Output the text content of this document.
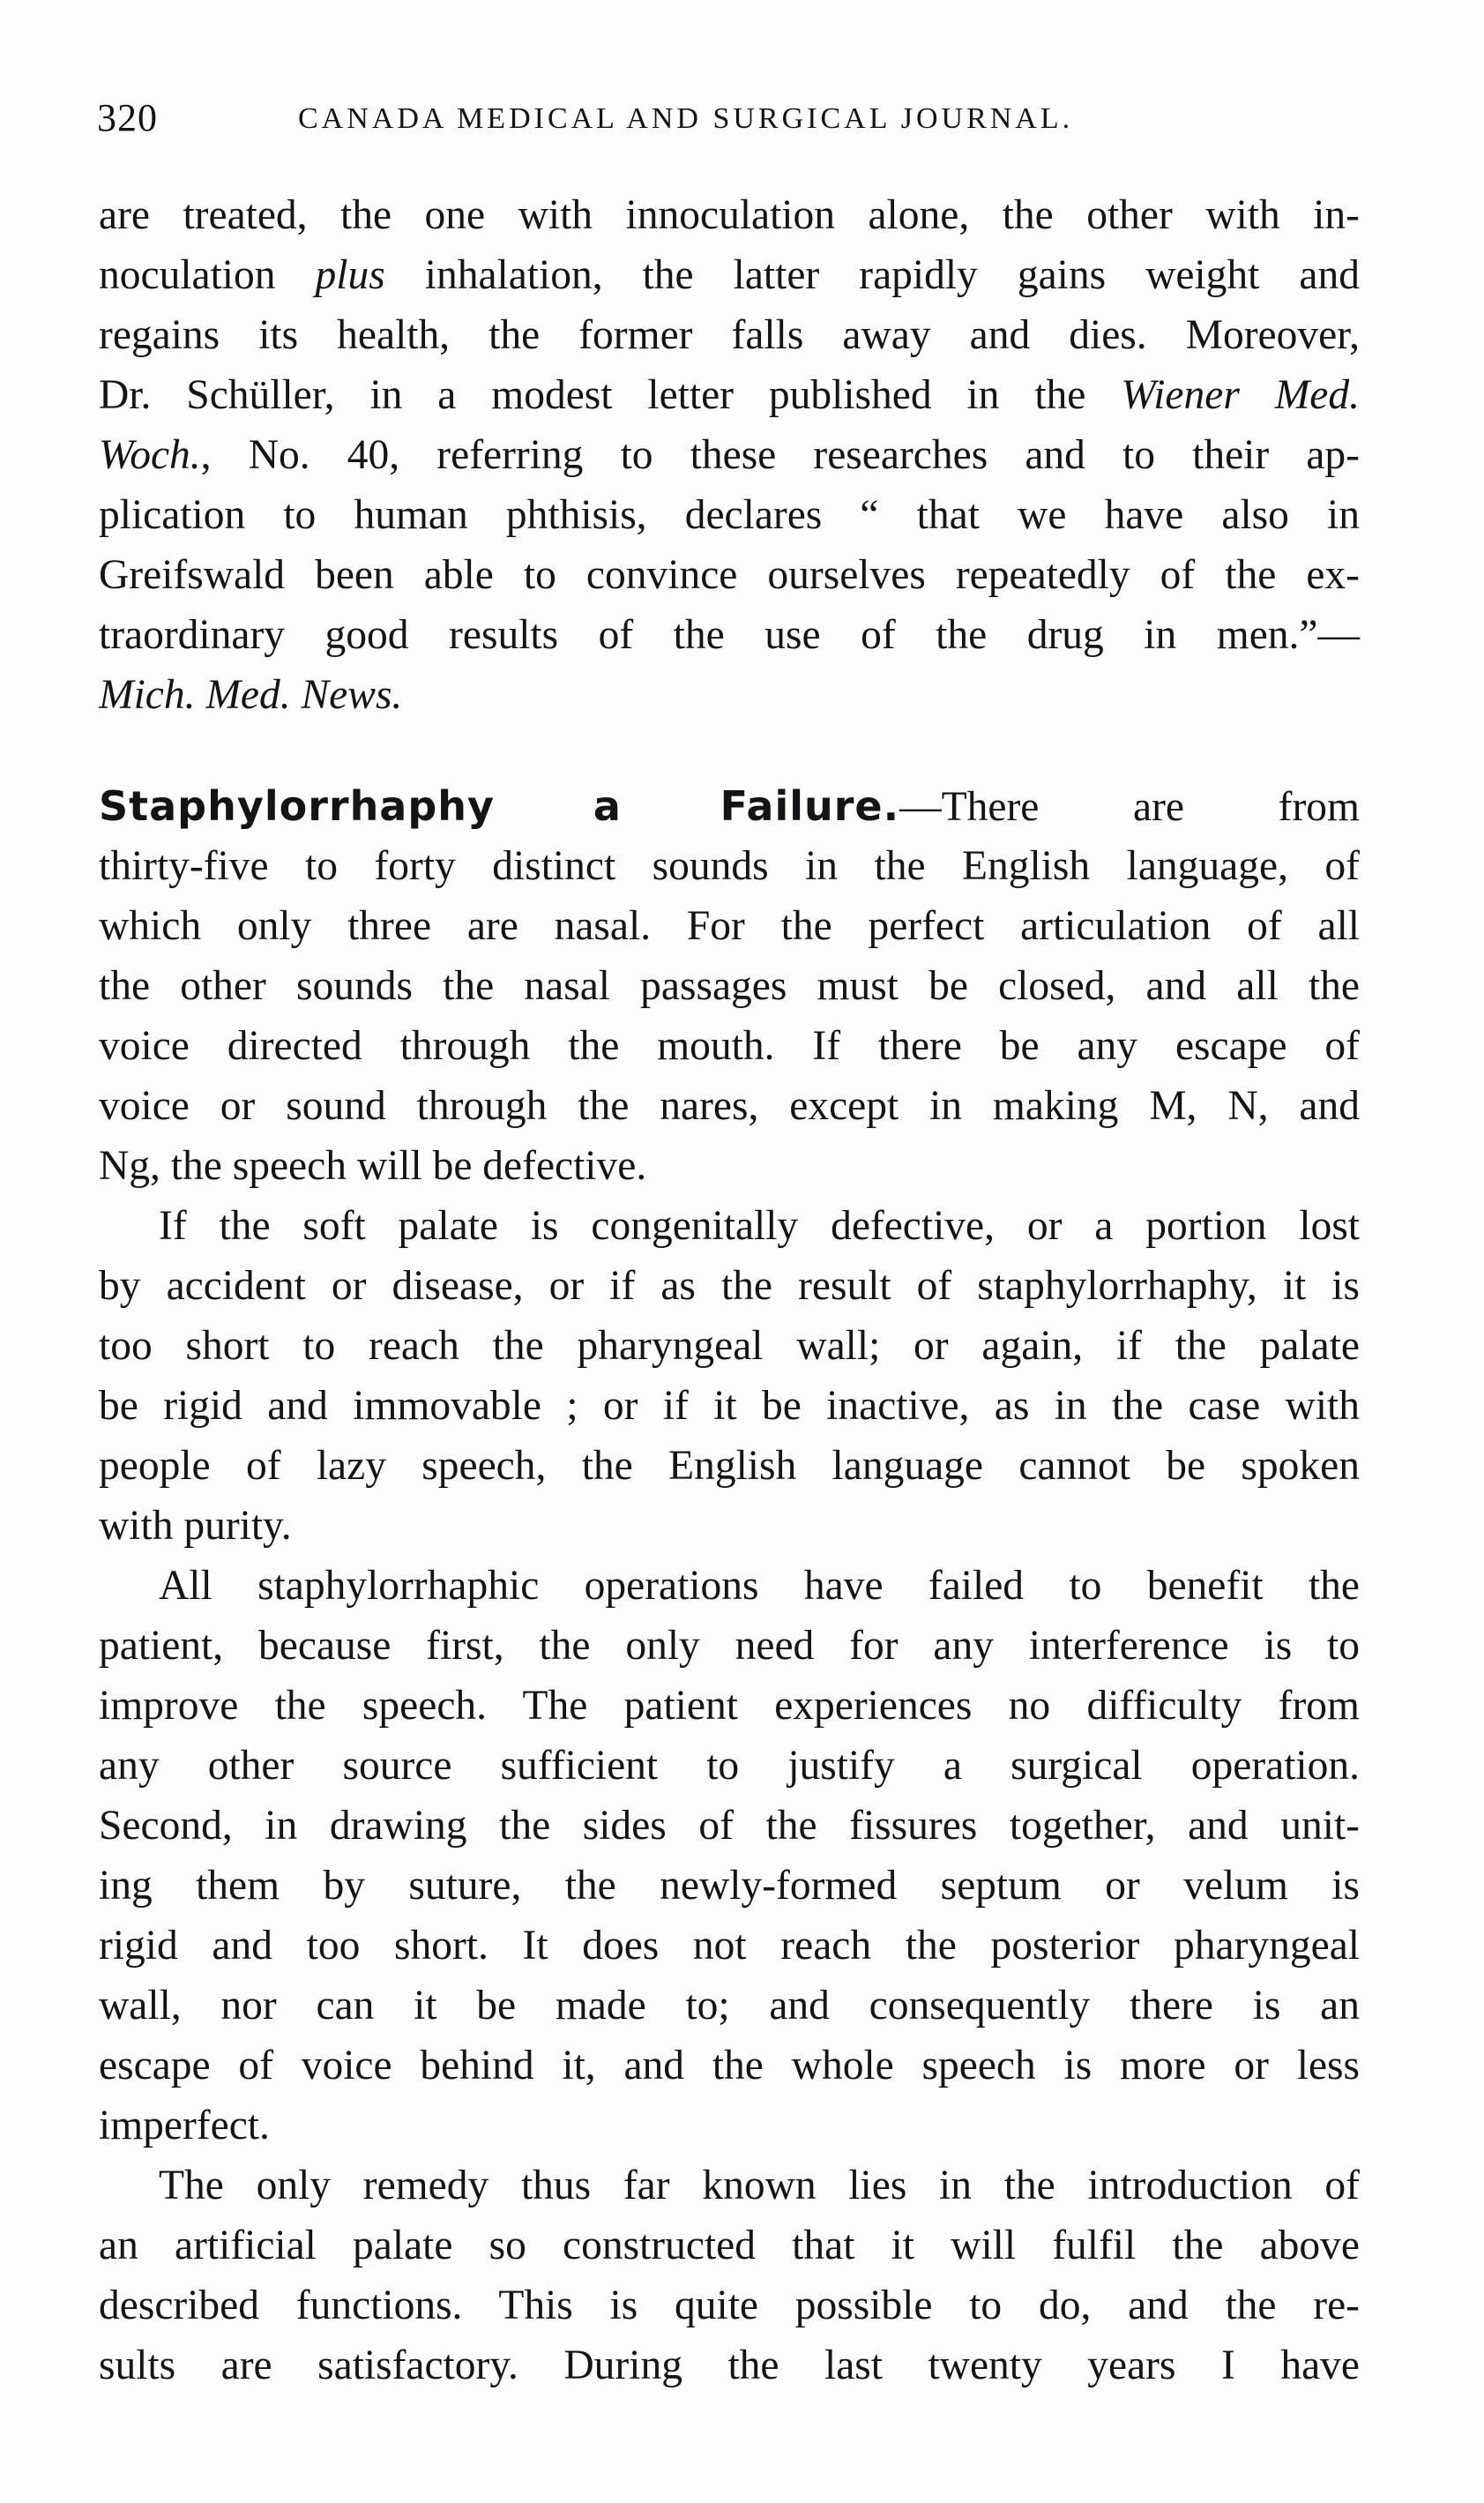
320	CANADA MEDICAL AND SURGICAL JOURNAL.
are treated, the one with innoculation alone, the other with in-
noculation plus inhalation, the latter rapidly gains weight and
regains its health, the former falls away and dies. Moreover,
Dr. Schüller, in a modest letter published in the Wiener Med.
Woch., No. 40, referring to these researches and to their ap-
plication to human phthisis, declares “ that we have also in
Greifswald been able to convince ourselves repeatedly of the ex-
traordinary good results of the use of the drug in men.”—
Mich. Med. News.
Staphylorrhaphy a Failure.—There are from
thirty-five to forty distinct sounds in the English language, of
which only three are nasal. For the perfect articulation of all
the other sounds the nasal passages must be closed, and all the
voice directed through the mouth. If there be any escape of
voice or sound through the nares, except in making M, N, and
Ng, the speech will be defective.
If the soft palate is congenitally defective, or a portion lost
by accident or disease, or if as the result of staphylorrhaphy, it is
too short to reach the pharyngeal wall; or again, if the palate
be rigid and immovable ; or if it be inactive, as in the case with
people of lazy speech, the English language cannot be spoken
with purity.
All staphylorrhaphic operations have failed to benefit the
patient, because first, the only need for any interference is to
improve the speech. The patient experiences no difficulty from
any other source sufficient to justify a surgical operation.
Second, in drawing the sides of the fissures together, and unit-
ing them by suture, the newly-formed septum or velum is
rigid and too short. It does not reach the posterior pharyngeal
wall, nor can it be made to; and consequently there is an
escape of voice behind it, and the whole speech is more or less
imperfect.
The only remedy thus far known lies in the introduction of
an artificial palate so constructed that it will fulfil the above
described functions. This is quite possible to do, and the re-
sults are satisfactory. During the last twenty years I have
